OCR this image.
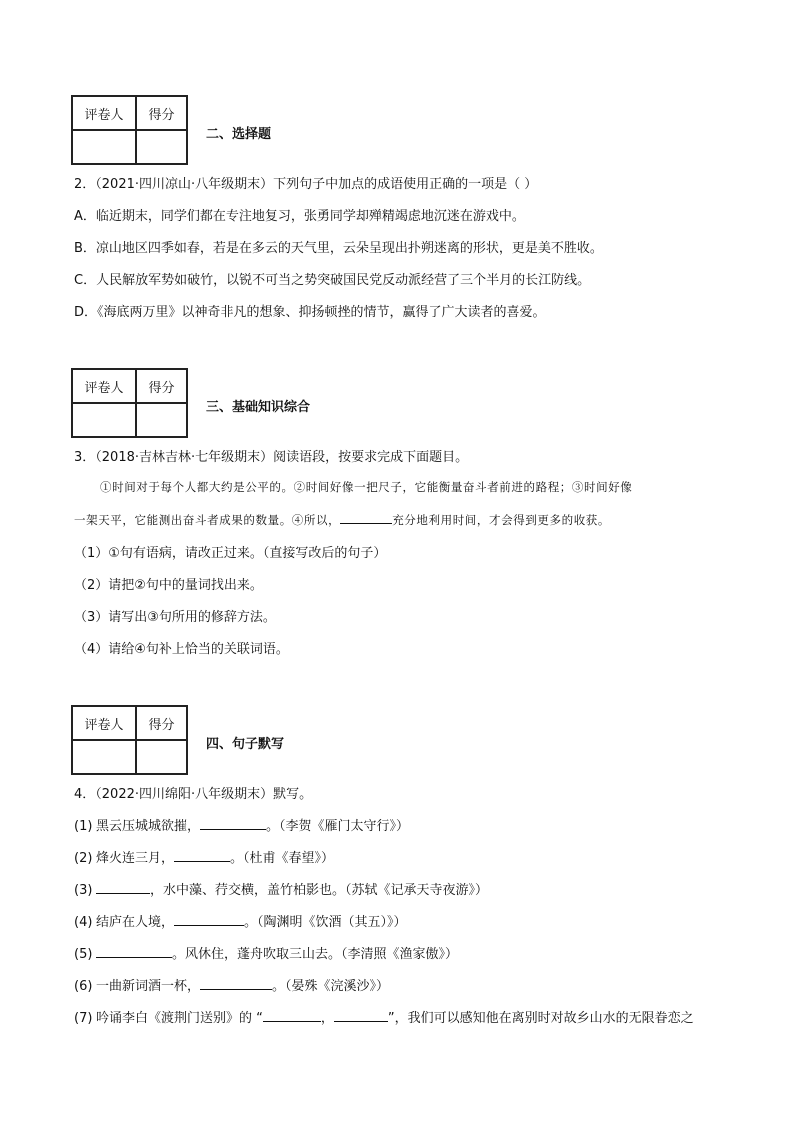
评卷人	得分

二、选择题
2．（2021·四川凉山·八年级期末）下列句子中加点的成语使用正确的一项是（ ）
A．临近期末，同学们都在专注地复习，张勇同学却殚精竭虑地沉迷在游戏中。
B．凉山地区四季如春，若是在多云的天气里，云朵呈现出扑朔迷离的形状，更是美不胜收。
C．人民解放军势如破竹，以锐不可当之势突破国民党反动派经营了三个半月的长江防线。
D．《海底两万里》以神奇非凡的想象、抑扬顿挫的情节，赢得了广大读者的喜爱。
评卷人	得分

三、基础知识综合
3．（2018·吉林吉林·七年级期末）阅读语段，按要求完成下面题目。
①时间对于每个人都大约是公平的。②时间好像一把尺子，它能衡量奋斗者前进的路程；③时间好像
一架天平，它能测出奋斗者成果的数量。④所以，	充分地利用时间，才会得到更多的收获。
（1）①句有语病，请改正过来。（直接写改后的句子）
（2）请把②句中的量词找出来。
（3）请写出③句所用的修辞方法。
（4）请给④句补上恰当的关联词语。
评卷人	得分

四、句子默写
4．（2022·四川绵阳·八年级期末）默写。
(1) 黑云压城城欲摧，	。（李贺《雁门太守行》）
(2) 烽火连三月，	。（杜甫《春望》）
(3)	，水中藻、荇交横，盖竹柏影也。（苏轼《记承天寺夜游》）
(4) 结庐在人境，	。（陶渊明《饮酒（其五）》）
(5)	。风休住，蓬舟吹取三山去。（李清照《渔家傲》）
(6) 一曲新词酒一杯，	。（晏殊《浣溪沙》）
(7) 吟诵李白《渡荆门送别》的 “	，	”，我们可以感知他在离别时对故乡山水的无限眷恋之
